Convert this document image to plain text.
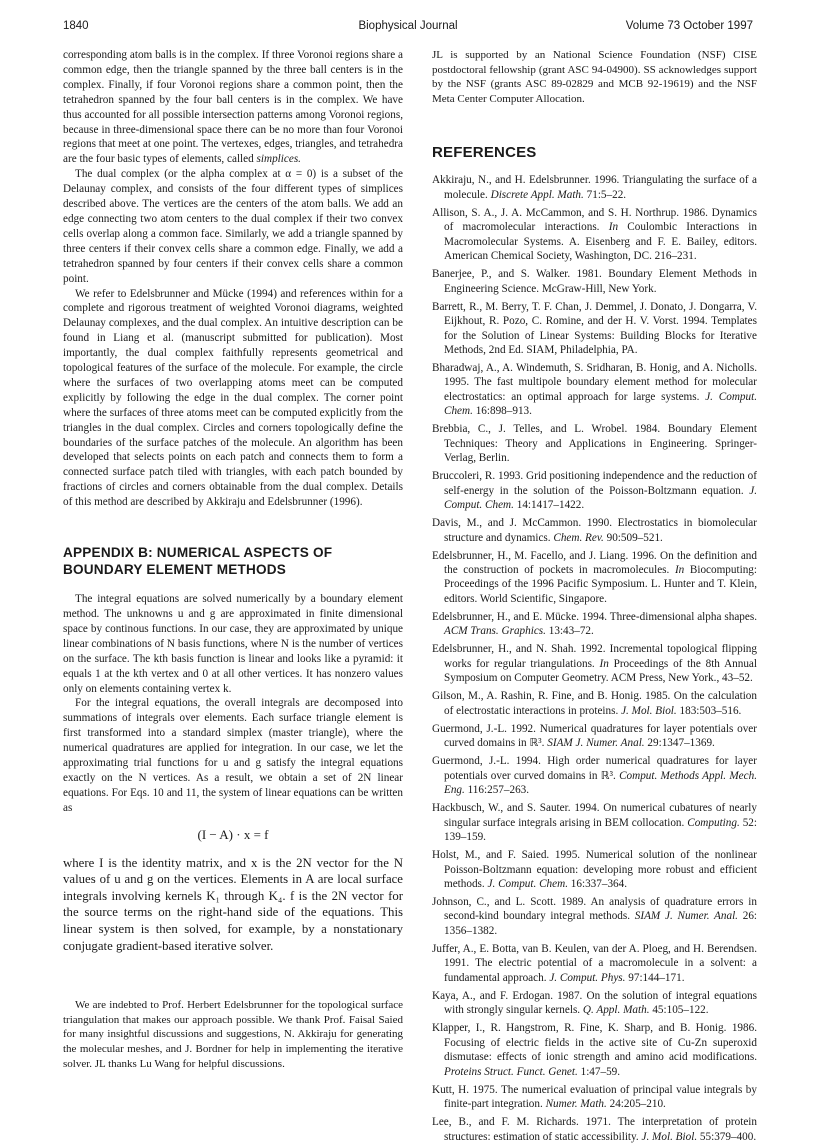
1840	Biophysical Journal	Volume 73 October 1997

corresponding atom balls is in the complex. If three Voronoi regions share a common edge, then the triangle spanned by the three ball centers is in the complex. Finally, if four Voronoi regions share a common point, then the tetrahedron spanned by the four ball centers is in the complex. We have thus accounted for all possible intersection patterns among Voronoi regions, because in three-dimensional space there can be no more than four Voronoi regions that meet at one point. The vertexes, edges, triangles, and tetrahedra are the four basic types of elements, called simplices.

The dual complex (or the alpha complex at α = 0) is a subset of the Delaunay complex, and consists of the four different types of simplices described above. The vertices are the centers of the atom balls. We add an edge connecting two atom centers to the dual complex if their two convex cells overlap along a common face. Similarly, we add a triangle spanned by three centers if their convex cells share a common edge. Finally, we add a tetrahedron spanned by four centers if their convex cells share a common point.

We refer to Edelsbrunner and Mücke (1994) and references within for a complete and rigorous treatment of weighted Voronoi diagrams, weighted Delaunay complexes, and the dual complex. An intuitive description can be found in Liang et al. (manuscript submitted for publication). Most importantly, the dual complex faithfully represents geometrical and topological features of the surface of the molecule. For example, the circle where the surfaces of two overlapping atoms meet can be computed explicitly by following the edge in the dual complex. The corner point where the surfaces of three atoms meet can be computed explicitly from the triangles in the dual complex. Circles and corners topologically define the boundaries of the surface patches of the molecule. An algorithm has been developed that selects points on each patch and connects them to form a connected surface patch tiled with triangles, with each patch bounded by fractions of circles and corners obtainable from the dual complex. Details of this method are described by Akkiraju and Edelsbrunner (1996).

APPENDIX B: NUMERICAL ASPECTS OF
BOUNDARY ELEMENT METHODS

The integral equations are solved numerically by a boundary element method. The unknowns u and g are approximated in finite dimensional space by continous functions. In our case, they are approximated by unique linear combinations of N basis functions, where N is the number of vertices on the surface. The kth basis function is linear and looks like a pyramid: it equals 1 at the kth vertex and 0 at all other vertices. It has nonzero values only on elements containing vertex k.

For the integral equations, the overall integrals are decomposed into summations of integrals over elements. Each surface triangle element is first transformed into a standard simplex (master triangle), where the numerical quadratures are applied for integration. In our case, we let the approximating trial functions for u and g satisfy the integral equations exactly on the N vertices. As a result, we obtain a set of 2N linear equations. For Eqs. 10 and 11, the system of linear equations can be written as

(I − A) · x = f

where I is the identity matrix, and x is the 2N vector for the N values of u and g on the vertices. Elements in A are local surface integrals involving kernels K₁ through K₄. f is the 2N vector for the source terms on the right-hand side of the equations. This linear system is then solved, for example, by a nonstationary conjugate gradient-based iterative solver.

We are indebted to Prof. Herbert Edelsbrunner for the topological surface triangulation that makes our approach possible. We thank Prof. Faisal Saied for many insightful discussions and suggestions, N. Akkiraju for generating the molecular meshes, and J. Bordner for help in implementing the iterative solver. JL thanks Lu Wang for helpful discussions.

JL is supported by an National Science Foundation (NSF) CISE postdoctoral fellowship (grant ASC 94-04900). SS acknowledges support by the NSF (grants ASC 89-02829 and MCB 92-19619) and the NSF Meta Center Computer Allocation.

REFERENCES

Akkiraju, N., and H. Edelsbrunner. 1996. Triangulating the surface of a molecule. Discrete Appl. Math. 71:5–22.

Allison, S. A., J. A. McCammon, and S. H. Northrup. 1986. Dynamics of macromolecular interactions. In Coulombic Interactions in Macromolecular Systems. A. Eisenberg and F. E. Bailey, editors. American Chemical Society, Washington, DC. 216–231.

Banerjee, P., and S. Walker. 1981. Boundary Element Methods in Engineering Science. McGraw-Hill, New York.

Barrett, R., M. Berry, T. F. Chan, J. Demmel, J. Donato, J. Dongarra, V. Eijkhout, R. Pozo, C. Romine, and der H. V. Vorst. 1994. Templates for the Solution of Linear Systems: Building Blocks for Iterative Methods, 2nd Ed. SIAM, Philadelphia, PA.

Bharadwaj, A., A. Windemuth, S. Sridharan, B. Honig, and A. Nicholls. 1995. The fast multipole boundary element method for molecular electrostatics: an optimal approach for large systems. J. Comput. Chem. 16:898–913.

Brebbia, C., J. Telles, and L. Wrobel. 1984. Boundary Element Techniques: Theory and Applications in Engineering. Springer-Verlag, Berlin.

Bruccoleri, R. 1993. Grid positioning independence and the reduction of self-energy in the solution of the Poisson-Boltzmann equation. J. Comput. Chem. 14:1417–1422.

Davis, M., and J. McCammon. 1990. Electrostatics in biomolecular structure and dynamics. Chem. Rev. 90:509–521.

Edelsbrunner, H., M. Facello, and J. Liang. 1996. On the definition and the construction of pockets in macromolecules. In Biocomputing: Proceedings of the 1996 Pacific Symposium. L. Hunter and T. Klein, editors. World Scientific, Singapore.

Edelsbrunner, H., and E. Mücke. 1994. Three-dimensional alpha shapes. ACM Trans. Graphics. 13:43–72.

Edelsbrunner, H., and N. Shah. 1992. Incremental topological flipping works for regular triangulations. In Proceedings of the 8th Annual Symposium on Computer Geometry. ACM Press, New York., 43–52.

Gilson, M., A. Rashin, R. Fine, and B. Honig. 1985. On the calculation of electrostatic interactions in proteins. J. Mol. Biol. 183:503–516.

Guermond, J.-L. 1992. Numerical quadratures for layer potentials over curved domains in ℝ³. SIAM J. Numer. Anal. 29:1347–1369.

Guermond, J.-L. 1994. High order numerical quadratures for layer potentials over curved domains in ℝ³. Comput. Methods Appl. Mech. Eng. 116:257–263.

Hackbusch, W., and S. Sauter. 1994. On numerical cubatures of nearly singular surface integrals arising in BEM collocation. Computing. 52: 139–159.

Holst, M., and F. Saied. 1995. Numerical solution of the nonlinear Poisson-Boltzmann equation: developing more robust and efficient methods. J. Comput. Chem. 16:337–364.

Johnson, C., and L. Scott. 1989. An analysis of quadrature errors in second-kind boundary integral methods. SIAM J. Numer. Anal. 26: 1356–1382.

Juffer, A., E. Botta, van B. Keulen, van der A. Ploeg, and H. Berendsen. 1991. The electric potential of a macromolecule in a solvent: a fundamental approach. J. Comput. Phys. 97:144–171.

Kaya, A., and F. Erdogan. 1987. On the solution of integral equations with strongly singular kernels. Q. Appl. Math. 45:105–122.

Klapper, I., R. Hangstrom, R. Fine, K. Sharp, and B. Honig. 1986. Focusing of electric fields in the active site of Cu-Zn superoxid dismutase: effects of ionic strength and amino acid modifications. Proteins Struct. Funct. Genet. 1:47–59.

Kutt, H. 1975. The numerical evaluation of principal value integrals by finite-part integration. Numer. Math. 24:205–210.

Lee, B., and F. M. Richards. 1971. The interpretation of protein structures: estimation of static accessibility. J. Mol. Biol. 55:379–400.
